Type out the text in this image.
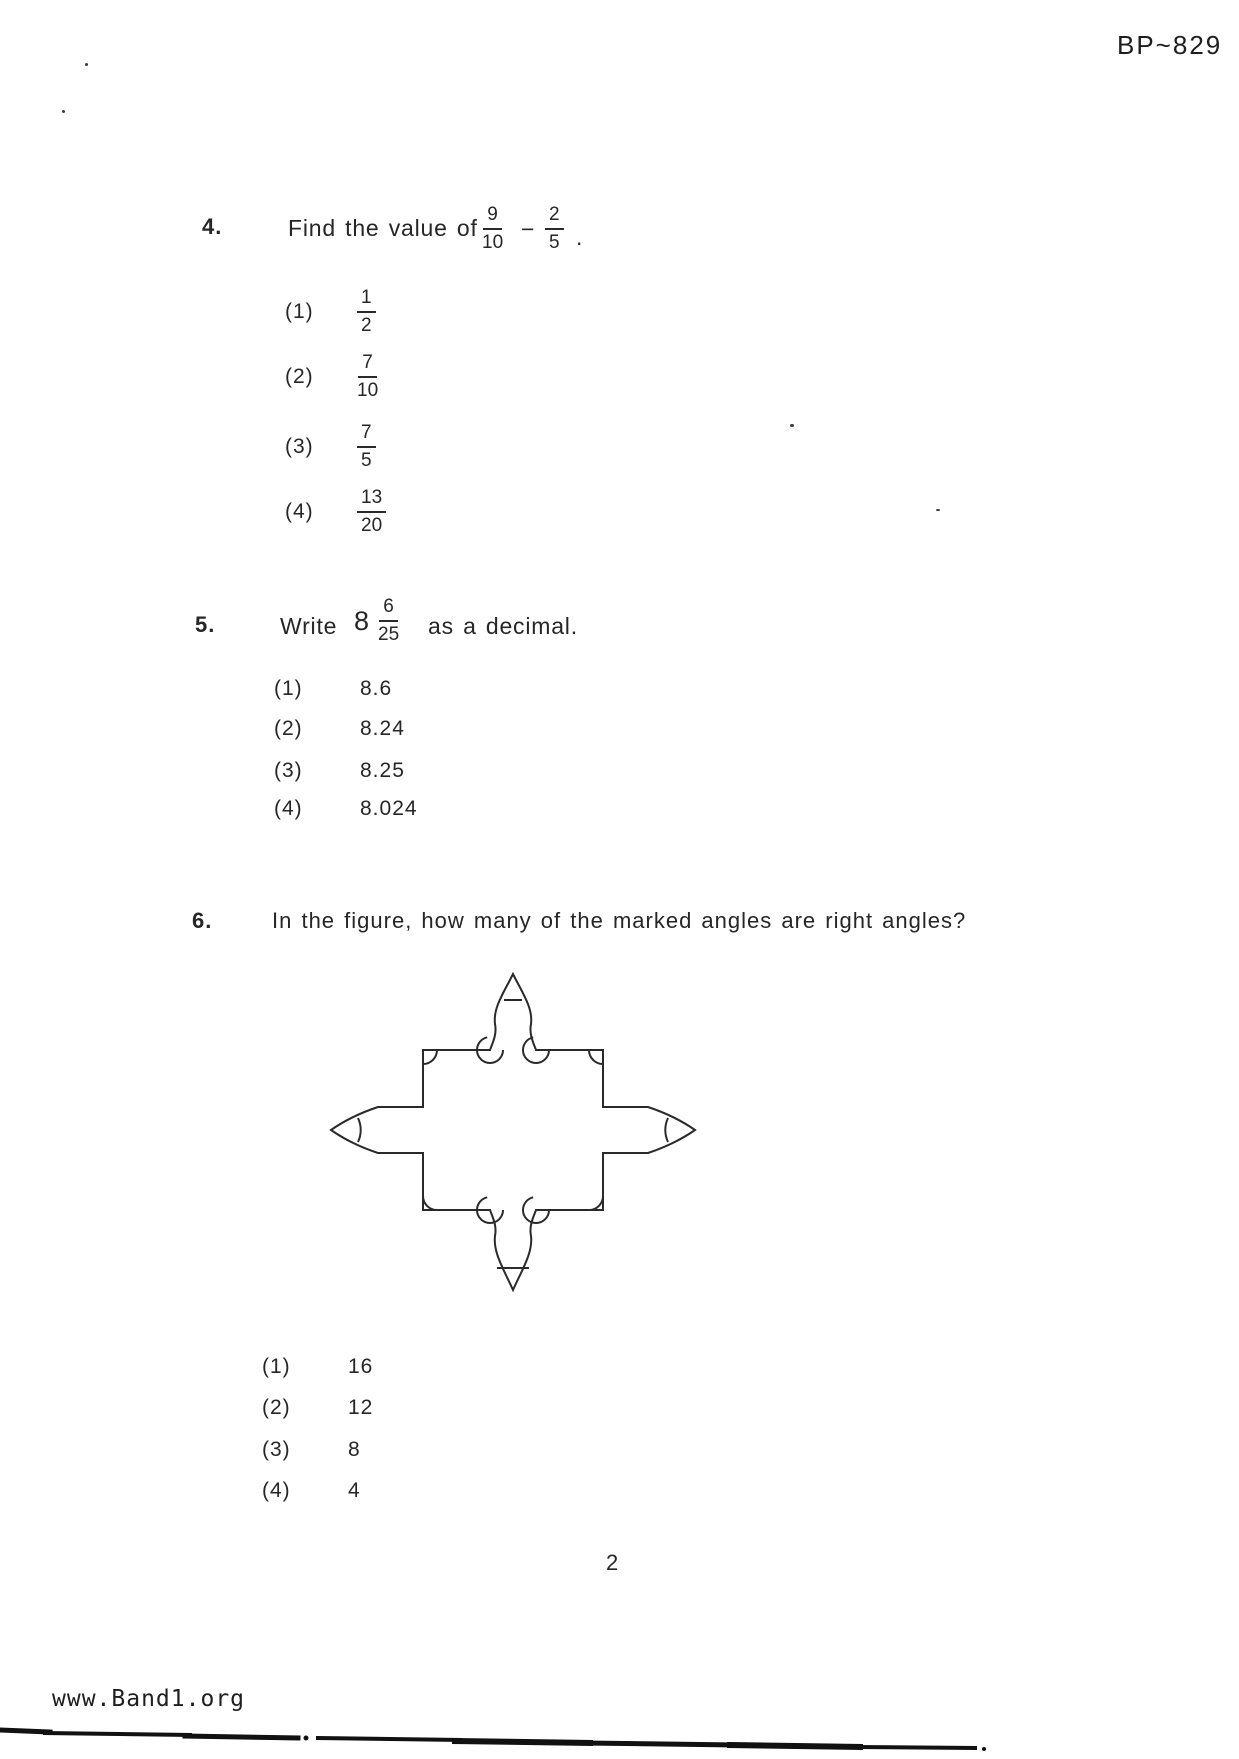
BP~829
4.	Find the value of $\frac{9}{10} - \frac{2}{5}$ .
(1)	$\frac{1}{2}$
(2)	$\frac{7}{10}$
(3)	$\frac{7}{5}$
(4)	$\frac{13}{20}$
5.	Write $8 \frac{6}{25}$ as a decimal.
(1)	8.6
(2)	8.24
(3)	8.25
(4)	8.024
6.	In the figure, how many of the marked angles are right angles?
(1)	16
(2)	12
(3)	8
(4)	4
2
www.Band1.org
